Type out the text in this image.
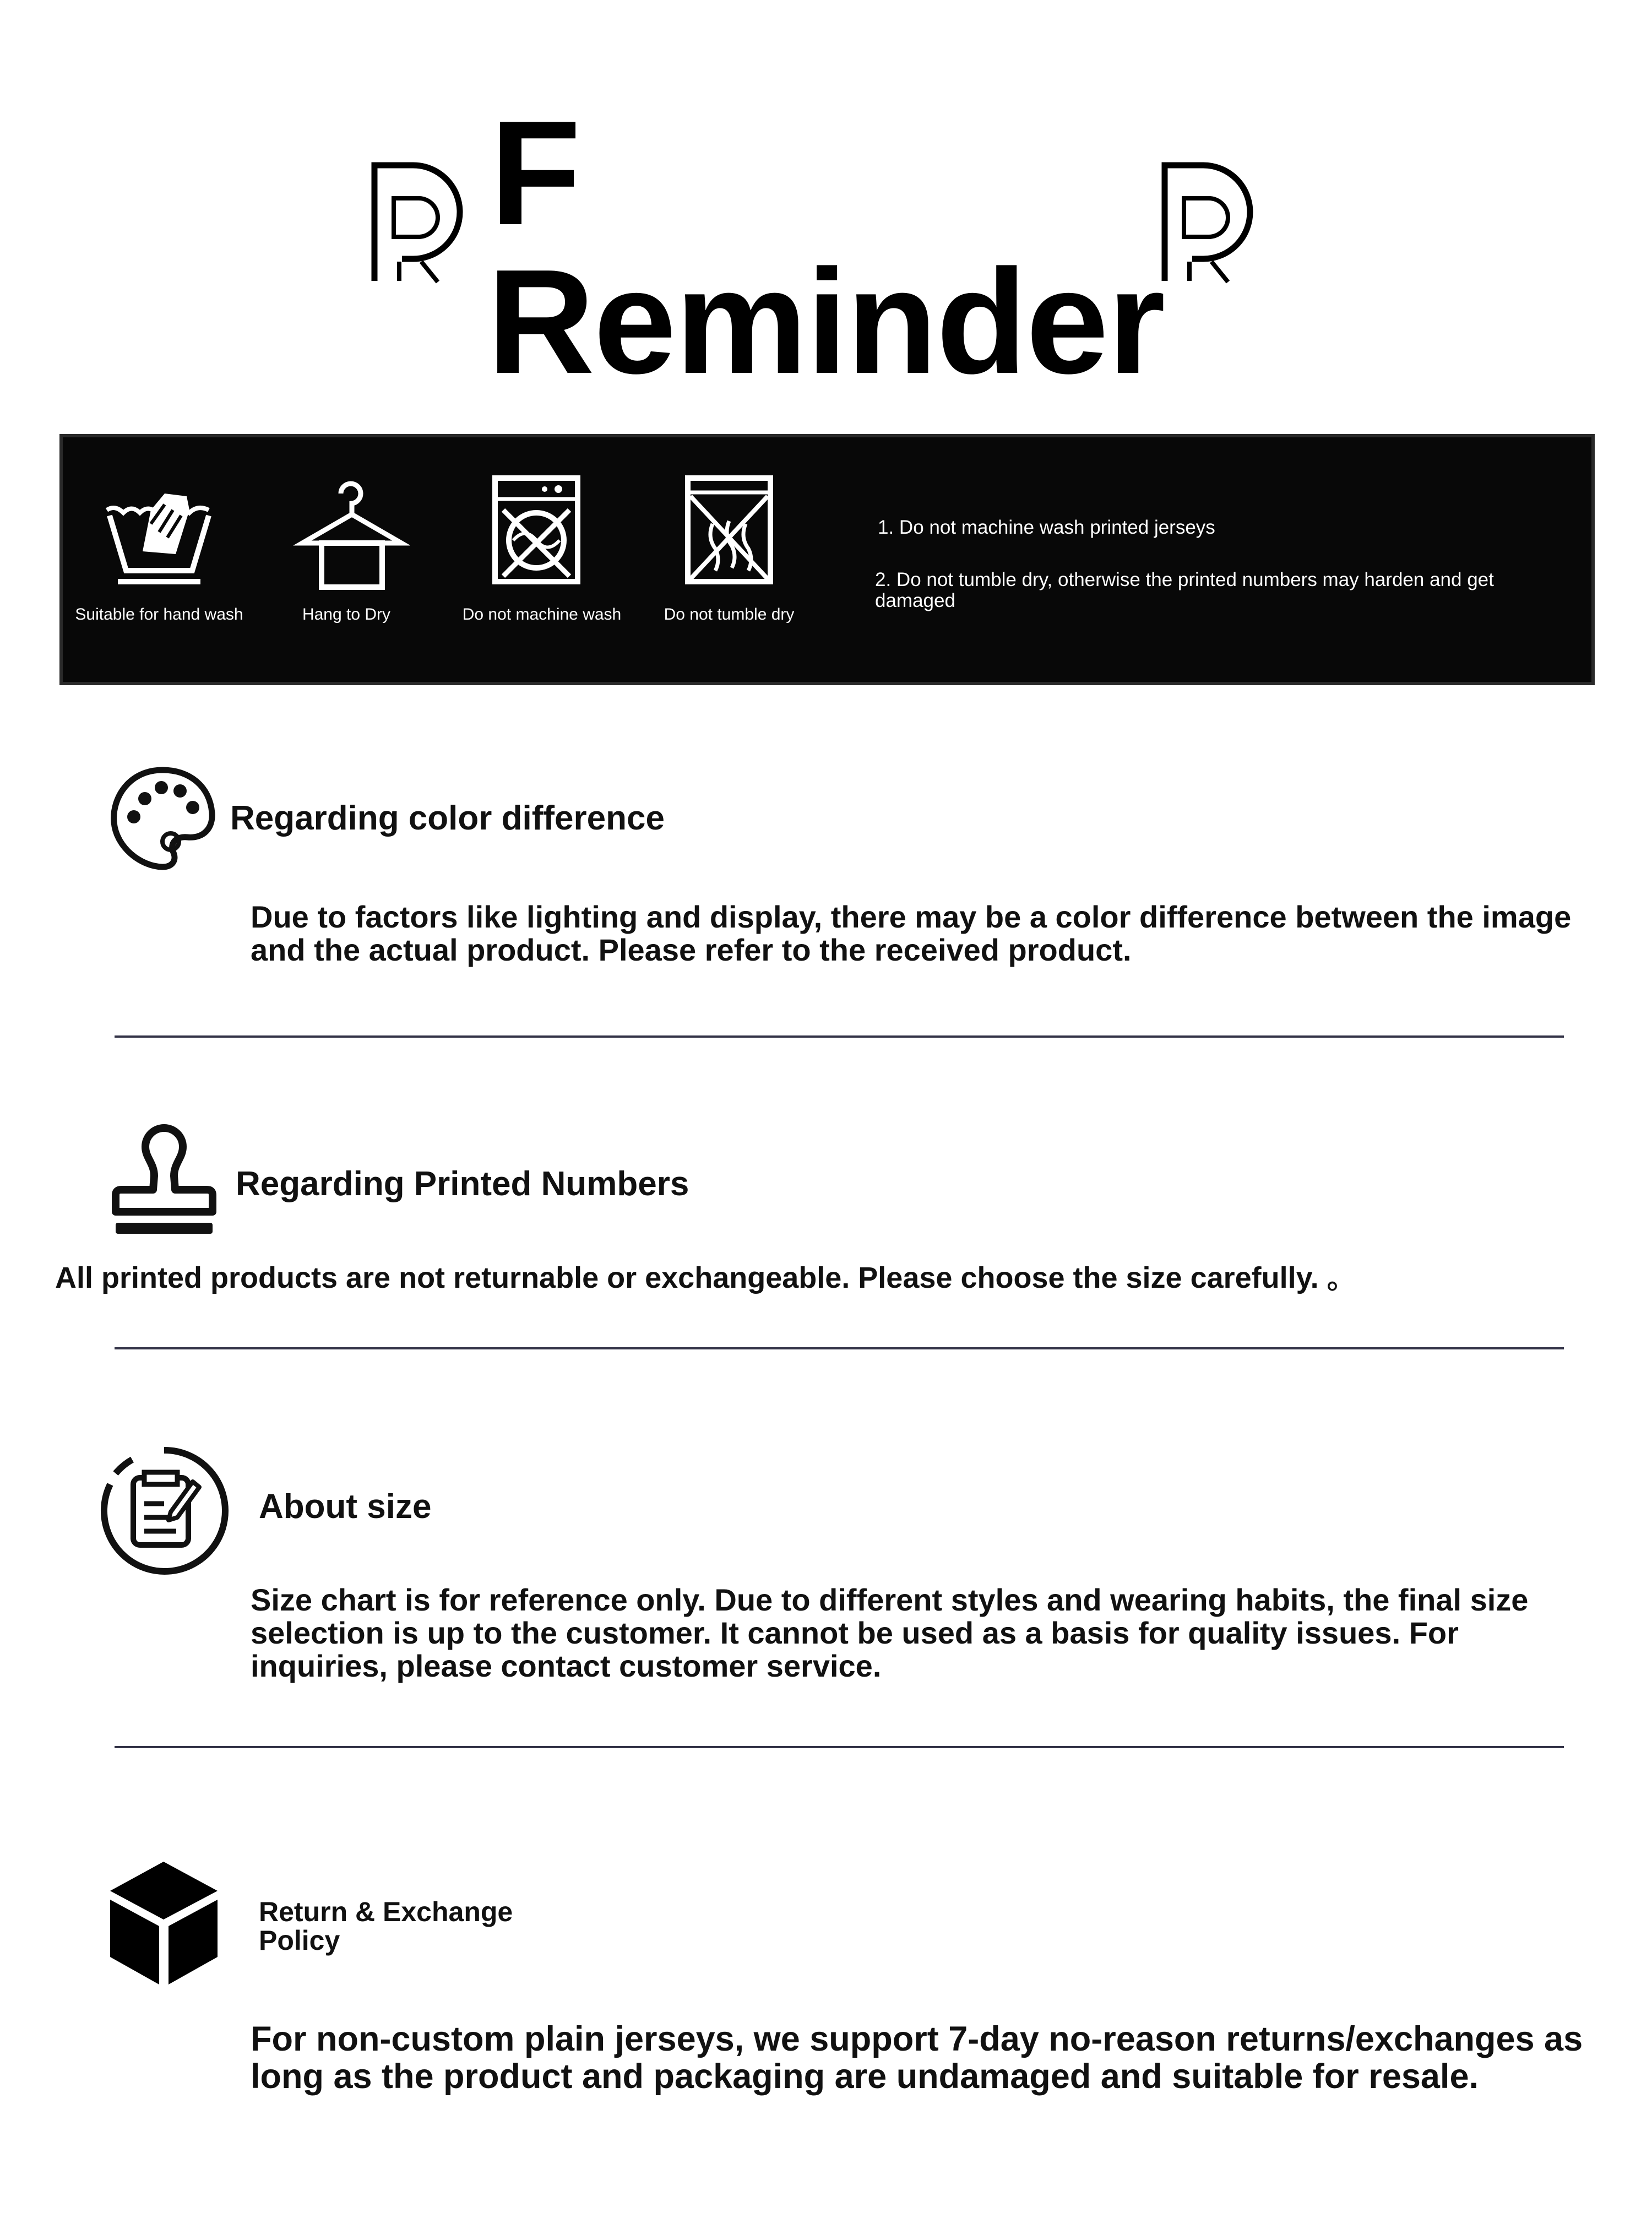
F
Reminder
Suitable for hand wash	Hang to Dry	Do not machine wash	Do not tumble dry
1. Do not machine wash printed jerseys
2. Do not tumble dry, otherwise the printed numbers may harden and get damaged
Regarding color difference
Due to factors like lighting and display, there may be a color difference between the image and the actual product. Please refer to the received product.
Regarding Printed Numbers
All printed products are not returnable or exchangeable. Please choose the size carefully. 。
About size
Size chart is for reference only. Due to different styles and wearing habits, the final size selection is up to the customer. It cannot be used as a basis for quality issues. For inquiries, please contact customer service.
Return & Exchange Policy
For non-custom plain jerseys, we support 7-day no-reason returns/exchanges as long as the product and packaging are undamaged and suitable for resale.
